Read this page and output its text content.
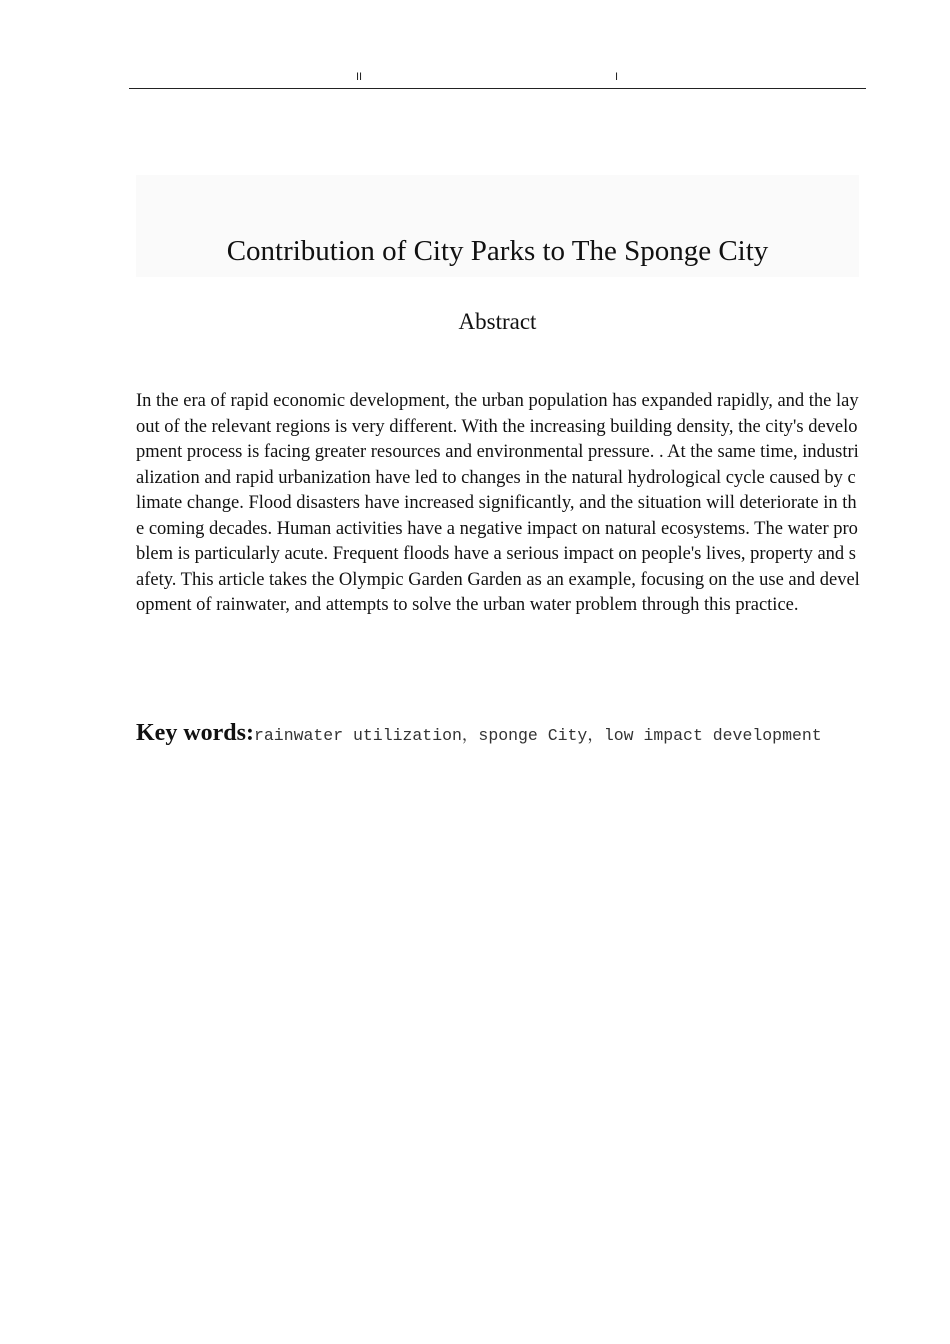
II	I
Contribution of City Parks to The Sponge City
Abstract

In the era of rapid economic development, the urban population has expanded rapidly, and the layout of the relevant regions is very different. With the increasing building density, the city's development process is facing greater resources and environmental pressure. . At the same time, industrialization and rapid urbanization have led to changes in the natural hydrological cycle caused by climate change. Flood disasters have increased significantly, and the situation will deteriorate in the coming decades. Human activities have a negative impact on natural ecosystems. The water problem is particularly acute. Frequent floods have a serious impact on people's lives, property and safety. This article takes the Olympic Garden Garden as an example, focusing on the use and development of rainwater, and attempts to solve the urban water problem through this practice.

Key words:rainwater utilization，sponge City，low impact development
